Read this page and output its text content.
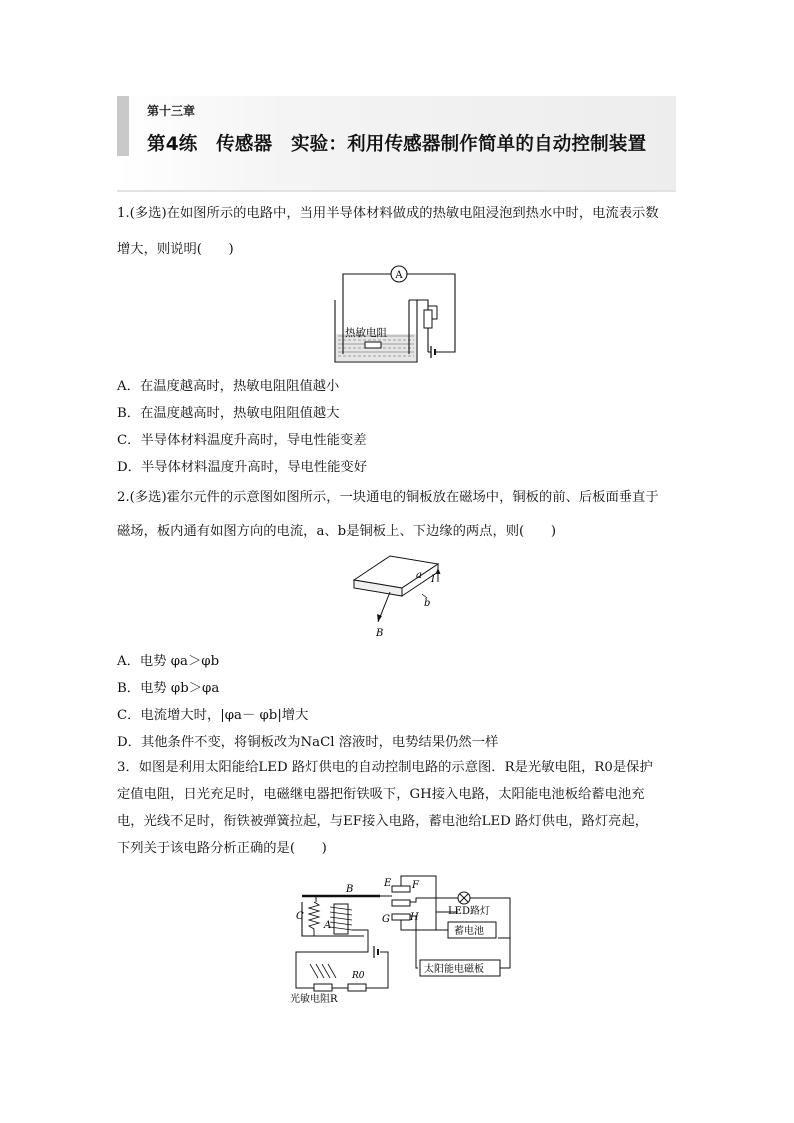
第十三章
第4练　传感器　实验：利用传感器制作简单的自动控制装置
1.(多选)在如图所示的电路中，当用半导体材料做成的热敏电阻浸泡到热水中时，电流表示数
增大，则说明(　　)
A
热敏电阻
A．在温度越高时，热敏电阻阻值越小
B．在温度越高时，热敏电阻阻值越大
C．半导体材料温度升高时，导电性能变差
D．半导体材料温度升高时，导电性能变好
2.(多选)霍尔元件的示意图如图所示，一块通电的铜板放在磁场中，铜板的前、后板面垂直于
磁场，板内通有如图方向的电流，a、b是铜板上、下边缘的两点，则(　　)
B
I
a
b
A．电势 φa＞φb
B．电势 φb＞φa
C．电流增大时，|φa－ φb|增大
D．其他条件不变，将铜板改为NaCl 溶液时，电势结果仍然一样
3．如图是利用太阳能给LED 路灯供电的自动控制电路的示意图．R是光敏电阻，R0是保护
定值电阻，日光充足时，电磁继电器把衔铁吸下，GH接入电路，太阳能电池板给蓄电池充
电，光线不足时，衔铁被弹簧拉起，与EF接入电路，蓄电池给LED 路灯供电，路灯亮起，
下列关于该电路分析正确的是(　　)
C
B
A
R0
光敏电阻R
E F
G H
LED路灯
蓄电池
太阳能电磁板
